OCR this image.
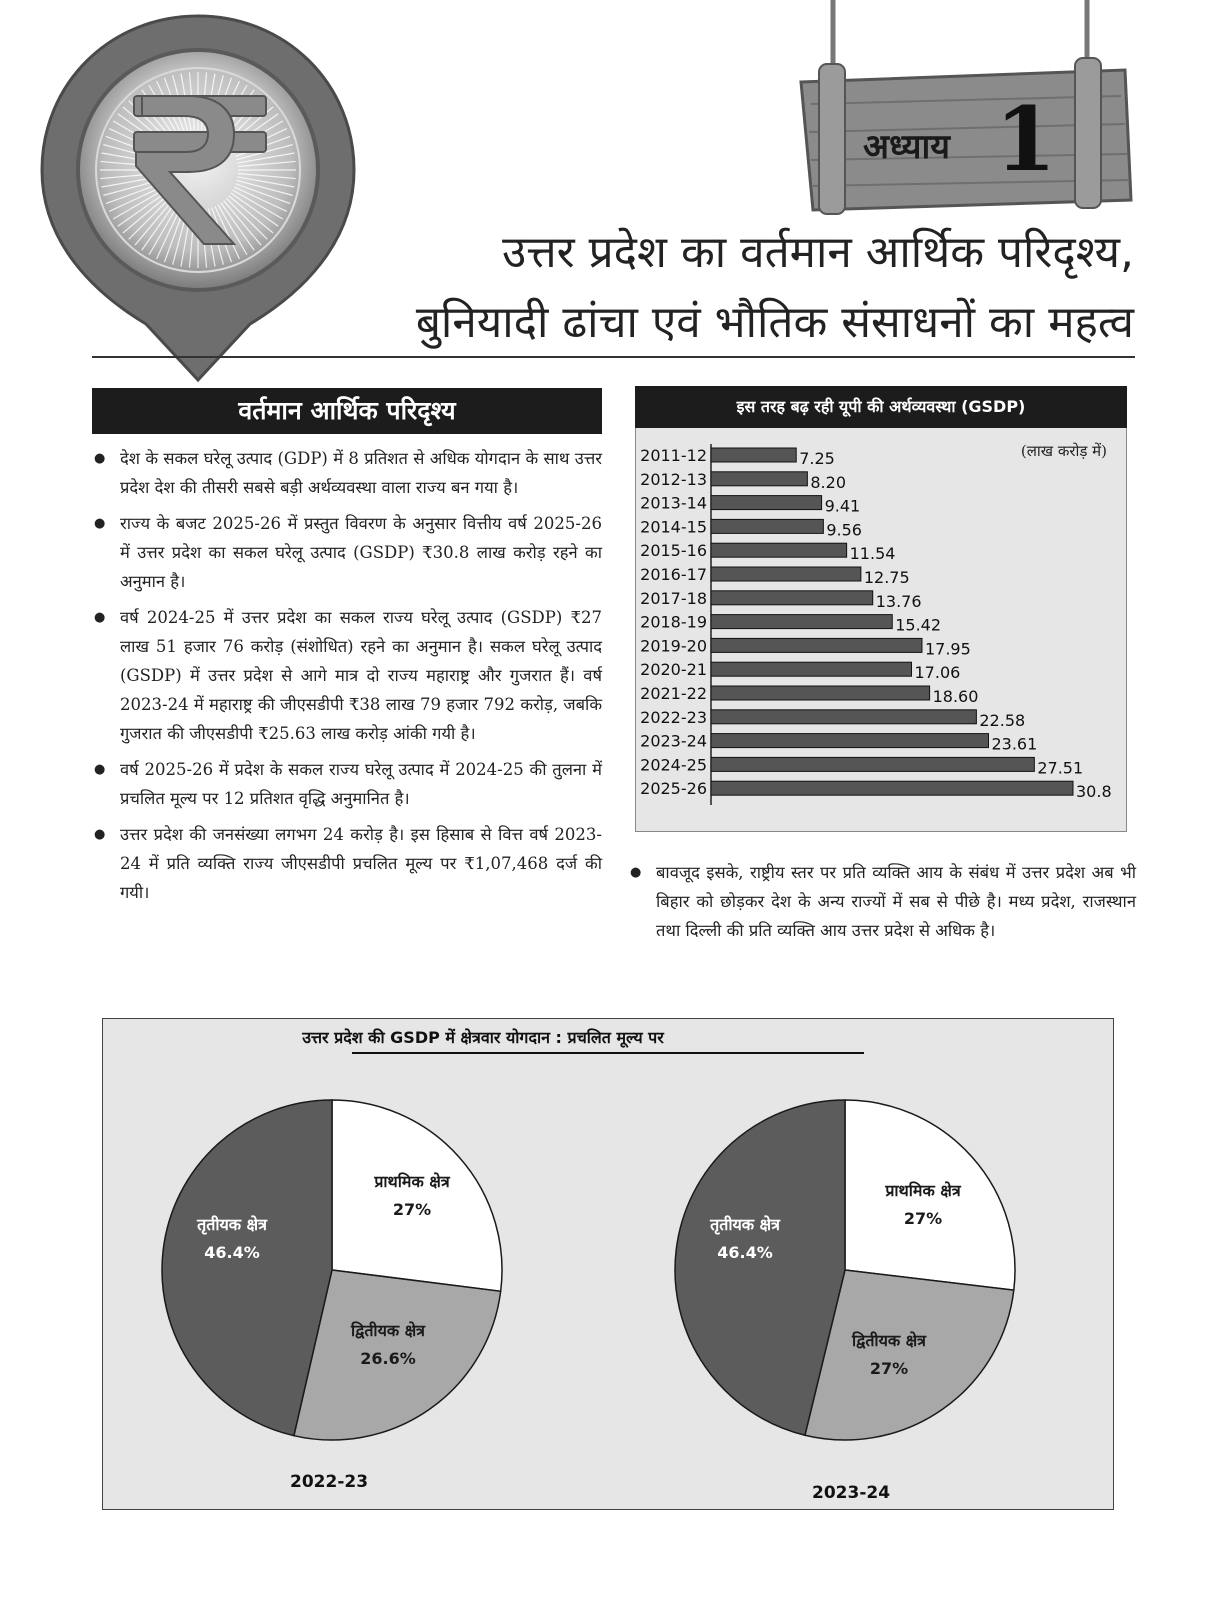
अध्याय 1
उत्तर प्रदेश का वर्तमान आर्थिक परिदृश्य,
बुनियादी ढांचा एवं भौतिक संसाधनों का महत्व
वर्तमान आर्थिक परिदृश्य
● देश के सकल घरेलू उत्पाद (GDP) में 8 प्रतिशत से अधिक योगदान के साथ उत्तर प्रदेश देश की तीसरी सबसे बड़ी अर्थव्यवस्था वाला राज्य बन गया है।
● राज्य के बजट 2025-26 में प्रस्तुत विवरण के अनुसार वित्तीय वर्ष 2025-26 में उत्तर प्रदेश का सकल घरेलू उत्पाद (GSDP) ₹30.8 लाख करोड़ रहने का अनुमान है।
● वर्ष 2024-25 में उत्तर प्रदेश का सकल राज्य घरेलू उत्पाद (GSDP) ₹27 लाख 51 हजार 76 करोड़ (संशोधित) रहने का अनुमान है। सकल घरेलू उत्पाद (GSDP) में उत्तर प्रदेश से आगे मात्र दो राज्य महाराष्ट्र और गुजरात हैं। वर्ष 2023-24 में महाराष्ट्र की जीएसडीपी ₹38 लाख 79 हजार 792 करोड़, जबकि गुजरात की जीएसडीपी ₹25.63 लाख करोड़ आंकी गयी है।
● वर्ष 2025-26 में प्रदेश के सकल राज्य घरेलू उत्पाद में 2024-25 की तुलना में प्रचलित मूल्य पर 12 प्रतिशत वृद्धि अनुमानित है।
● उत्तर प्रदेश की जनसंख्या लगभग 24 करोड़ है। इस हिसाब से वित्त वर्ष 2023-24 में प्रति व्यक्ति राज्य जीएसडीपी प्रचलित मूल्य पर ₹1,07,468 दर्ज की गयी।
इस तरह बढ़ रही यूपी की अर्थव्यवस्था (GSDP)
(लाख करोड़ में)
2011-12	7.25
2012-13	8.20
2013-14	9.41
2014-15	9.56
2015-16	11.54
2016-17	12.75
2017-18	13.76
2018-19	15.42
2019-20	17.95
2020-21	17.06
2021-22	18.60
2022-23	22.58
2023-24	23.61
2024-25	27.51
2025-26	30.8
● बावजूद इसके, राष्ट्रीय स्तर पर प्रति व्यक्ति आय के संबंध में उत्तर प्रदेश अब भी बिहार को छोड़कर देश के अन्य राज्यों में सब से पीछे है। मध्य प्रदेश, राजस्थान तथा दिल्ली की प्रति व्यक्ति आय उत्तर प्रदेश से अधिक है।
उत्तर प्रदेश की GSDP में क्षेत्रवार योगदान : प्रचलित मूल्य पर
प्राथमिक क्षेत्र
27%
द्वितीयक क्षेत्र
26.6%
तृतीयक क्षेत्र
46.4%
प्राथमिक क्षेत्र
27%
द्वितीयक क्षेत्र
27%
तृतीयक क्षेत्र
46.4%
2022-23
2023-24
